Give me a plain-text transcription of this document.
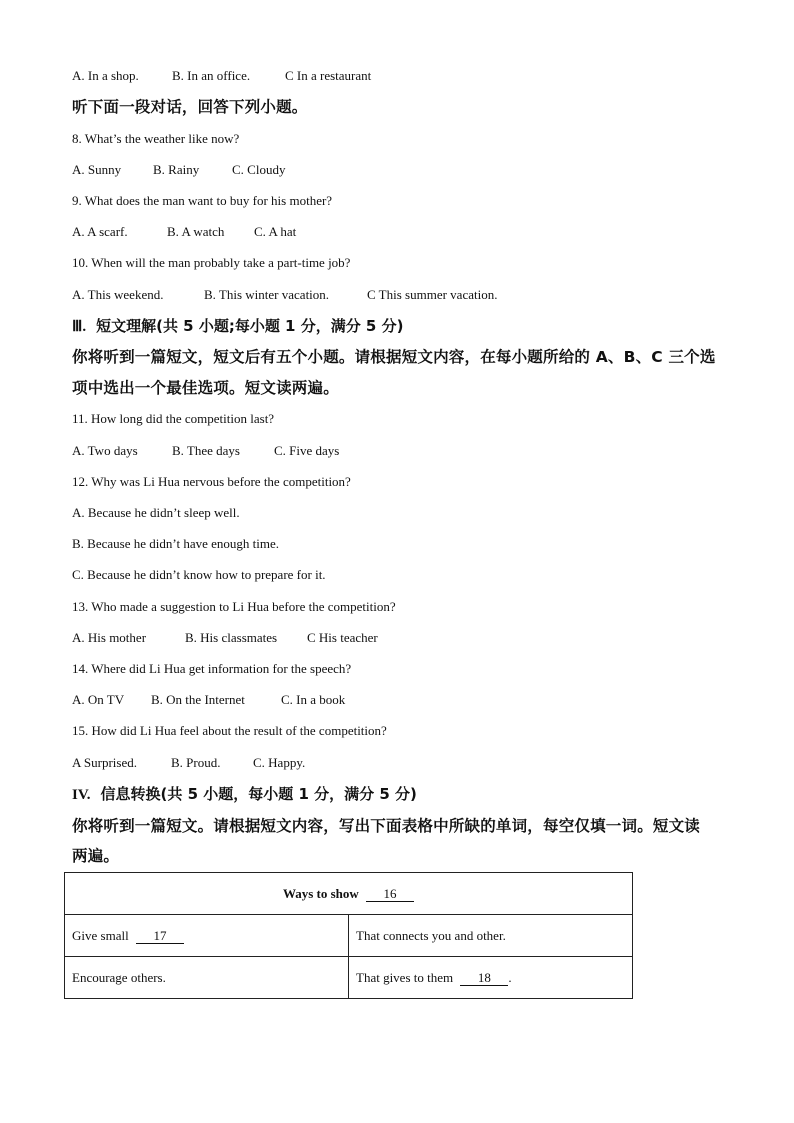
A. In a shop.	B. In an office.	C In a restaurant
听下面一段对话，回答下列小题。
8. What’s the weather like now?
A. Sunny B. Rainy	C. Cloudy
9. What does the man want to buy for his mother?
A. A scarf.	B. A watch C. A hat
10. When will the man probably take a part-time job?
A. This weekend.	B. This winter vacation.	C This summer vacation.
Ⅲ. 短文理解(共 5 小题;每小题 1 分，满分 5 分)
你将听到一篇短文，短文后有五个小题。请根据短文内容，在每小题所给的 A、B、C 三个选
项中选出一个最佳选项。短文读两遍。
11. How long did the competition last?
A. Two days	B. Thee days	C. Five days
12. Why was Li Hua nervous before the competition?
A. Because he didn’t sleep well.
B. Because he didn’t have enough time.
C. Because he didn’t know how to prepare for it.
13. Who made a suggestion to Li Hua before the competition?
A. His mother	B. His classmates C His teacher
14. Where did Li Hua get information for the speech?
A. On TV B. On the Internet	C. In a book
15. How did Li Hua feel about the result of the competition?
A Surprised.	B. Proud.	C. Happy.
IV. 信息转换(共 5 小题，每小题 1 分，满分 5 分)
你将听到一篇短文。请根据短文内容，写出下面表格中所缺的单词，每空仅填一词。短文读
两遍。
Ways to show 16	
Give small 17	That connects you and other.
Encourage others.	That gives to them 18 .
